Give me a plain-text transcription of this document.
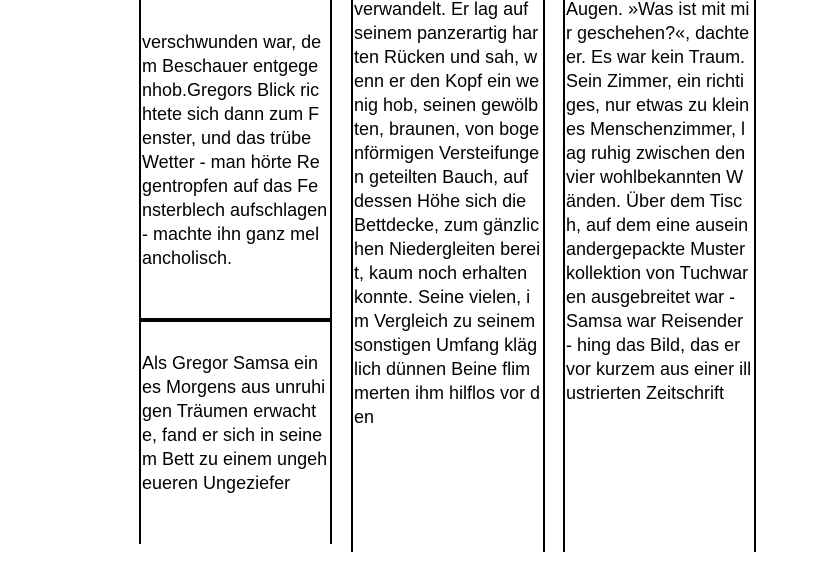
verschwunden war, dem Beschauer entgegenhob.Gregors Blick richtete sich dann zum Fenster, und das trübe Wetter - man hörte Regentropfen auf das Fensterblech aufschlagen - machte ihn ganz melancholisch.
Als Gregor Samsa eines Morgens aus unruhigen Träumen erwachte, fand er sich in seinem Bett zu einem ungeheueren Ungeziefer
verwandelt. Er lag auf seinem panzerartig harten Rücken und sah, wenn er den Kopf ein wenig hob, seinen gewölbten, braunen, von bogenförmigen Versteifungen geteilten Bauch, auf dessen Höhe sich die Bettdecke, zum gänzlichen Niedergleiten bereit, kaum noch erhalten konnte. Seine vielen, im Vergleich zu seinem sonstigen Umfang kläglich dünnen Beine flimmerten ihm hilflos vor den
Augen. »Was ist mit mir geschehen?«, dachte er. Es war kein Traum. Sein Zimmer, ein richtiges, nur etwas zu kleines Menschenzimmer, lag ruhig zwischen den vier wohlbekannten Wänden. Über dem Tisch, auf dem eine auseinandergepackte Musterkollektion von Tuchwaren ausgebreitet war - Samsa war Reisender - hing das Bild, das er vor kurzem aus einer illustrierten Zeitschrift
